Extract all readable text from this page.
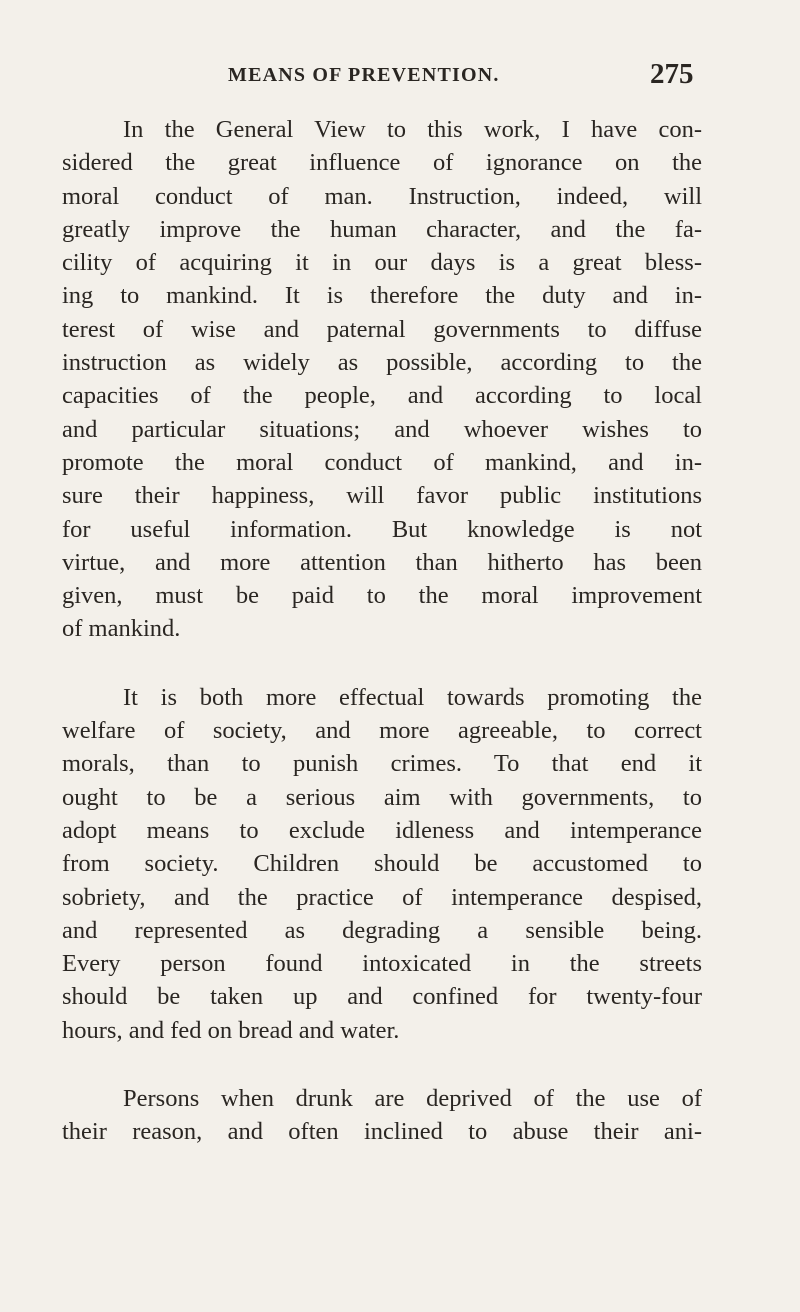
MEANS OF PREVENTION.	275

In the General View to this work, I have con-
sidered the great influence of ignorance on the
moral conduct of man. Instruction, indeed, will
greatly improve the human character, and the fa-
cility of acquiring it in our days is a great bless-
ing to mankind. It is therefore the duty and in-
terest of wise and paternal governments to diffuse
instruction as widely as possible, according to the
capacities of the people, and according to local
and particular situations; and whoever wishes to
promote the moral conduct of mankind, and in-
sure their happiness, will favor public institutions
for useful information. But knowledge is not
virtue, and more attention than hitherto has been
given, must be paid to the moral improvement
of mankind.

It is both more effectual towards promoting the
welfare of society, and more agreeable, to correct
morals, than to punish crimes. To that end it
ought to be a serious aim with governments, to
adopt means to exclude idleness and intemperance
from society. Children should be accustomed to
sobriety, and the practice of intemperance despised,
and represented as degrading a sensible being.
Every person found intoxicated in the streets
should be taken up and confined for twenty-four
hours, and fed on bread and water.

Persons when drunk are deprived of the use of
their reason, and often inclined to abuse their ani-
